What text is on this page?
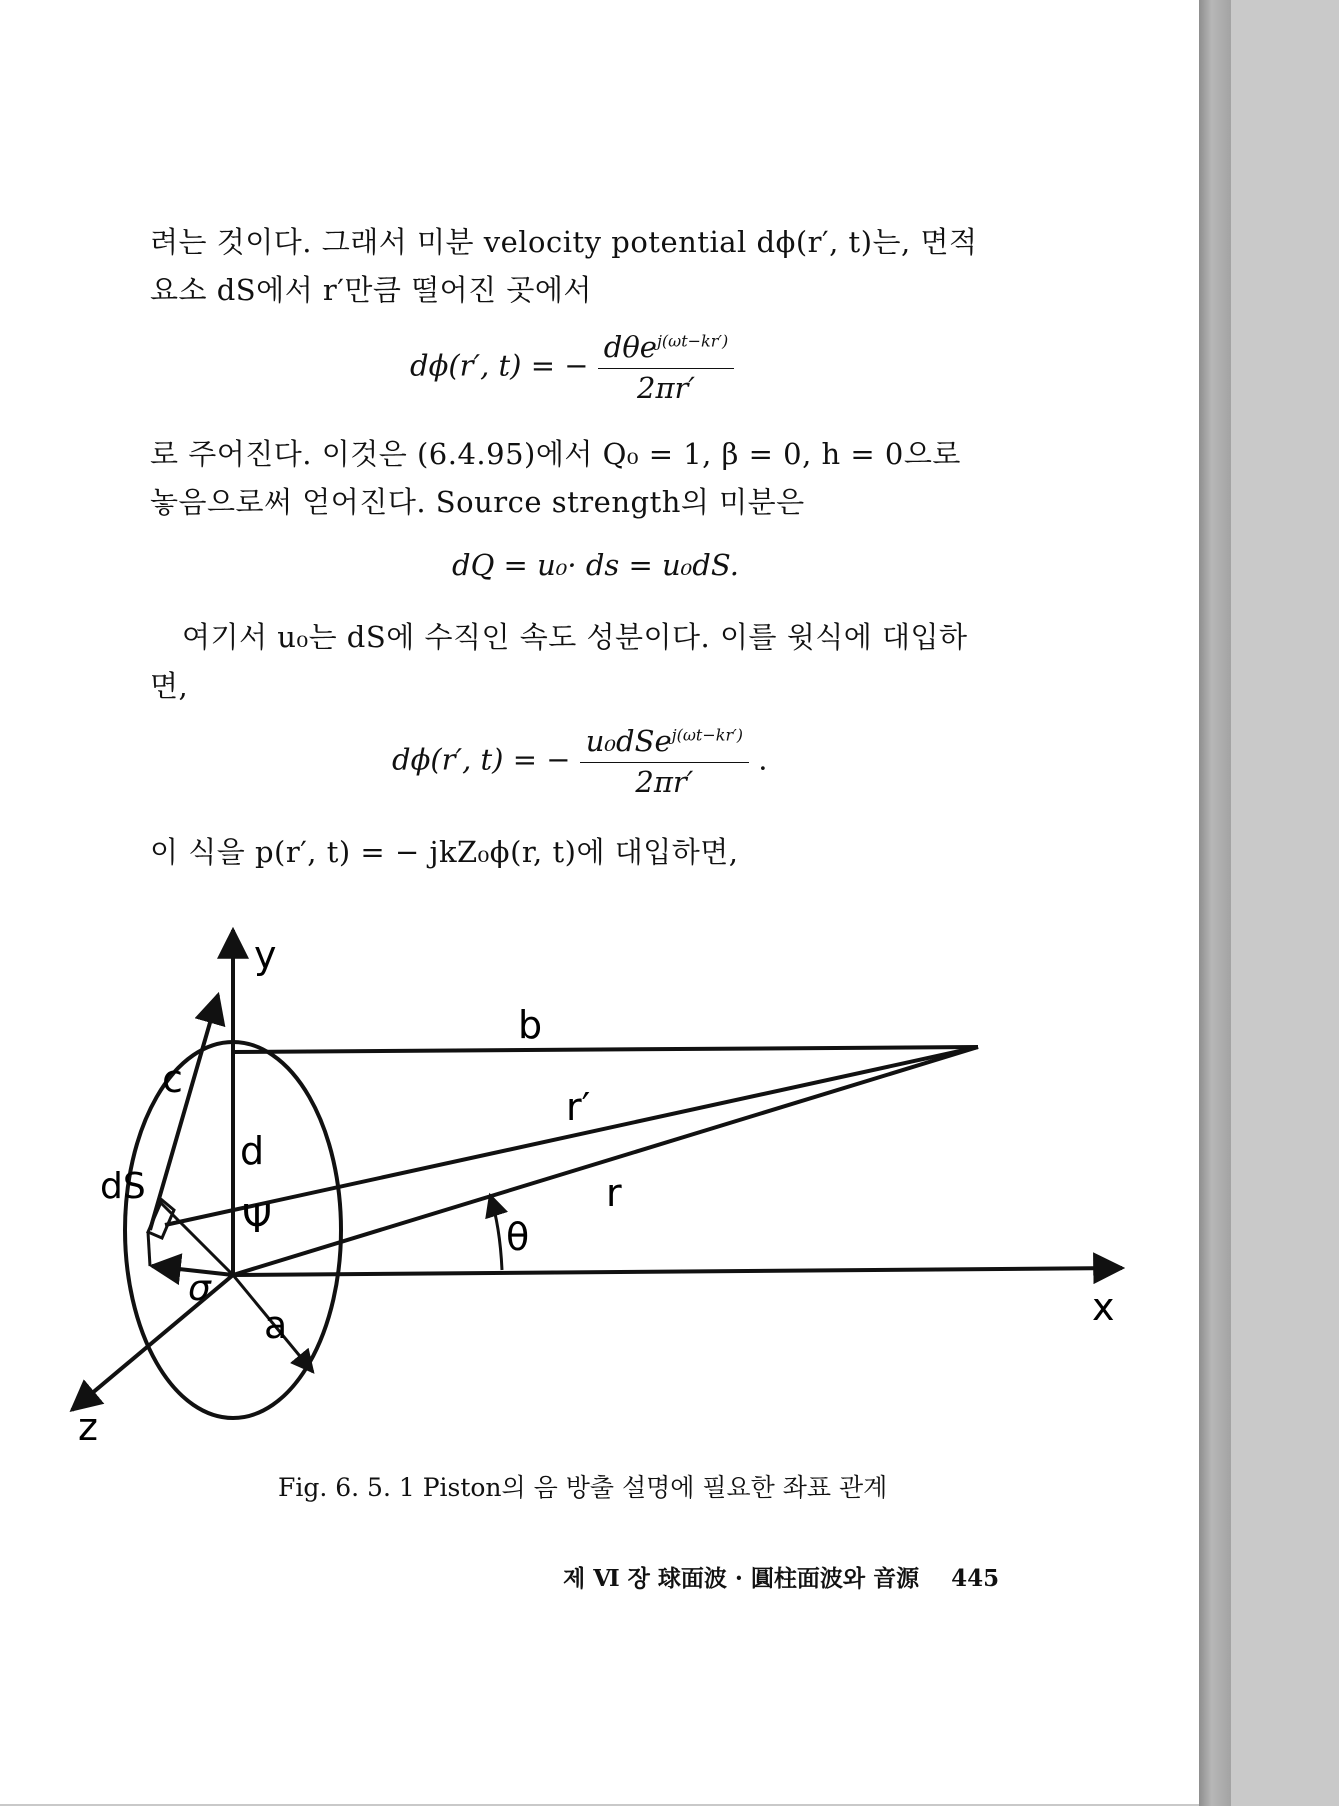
려는 것이다. 그래서 미분 velocity potential dϕ(r′, t)는, 면적
요소 dS에서 r′만큼 떨어진 곳에서
dϕ(r′, t) = − $\frac{d\theta e^{j(\omega t-kr')}}{2\pi r'}$
로 주어진다. 이것은 (6.4.95)에서 Q₀ = 1, β = 0, h = 0으로
놓음으로써 얻어진다. Source strength의 미분은
dQ = u₀· ds = u₀dS.
여기서 u₀는 dS에 수직인 속도 성분이다. 이를 윗식에 대입하
면,
dϕ(r′, t) = − $\frac{u_0dSe^{j(\omega t-kr')}}{2\pi r'}$ .
이 식을 p(r′, t) = − jkZ₀ϕ(r, t)에 대입하면,
y
b
c
r′
d
dS	r
Ψ	θ
σ
a	x
z
Fig. 6. 5. 1 Piston의 음 방출 설명에 필요한 좌표 관계
제 Ⅵ 장 球面波 · 圓柱面波와 音源 445
